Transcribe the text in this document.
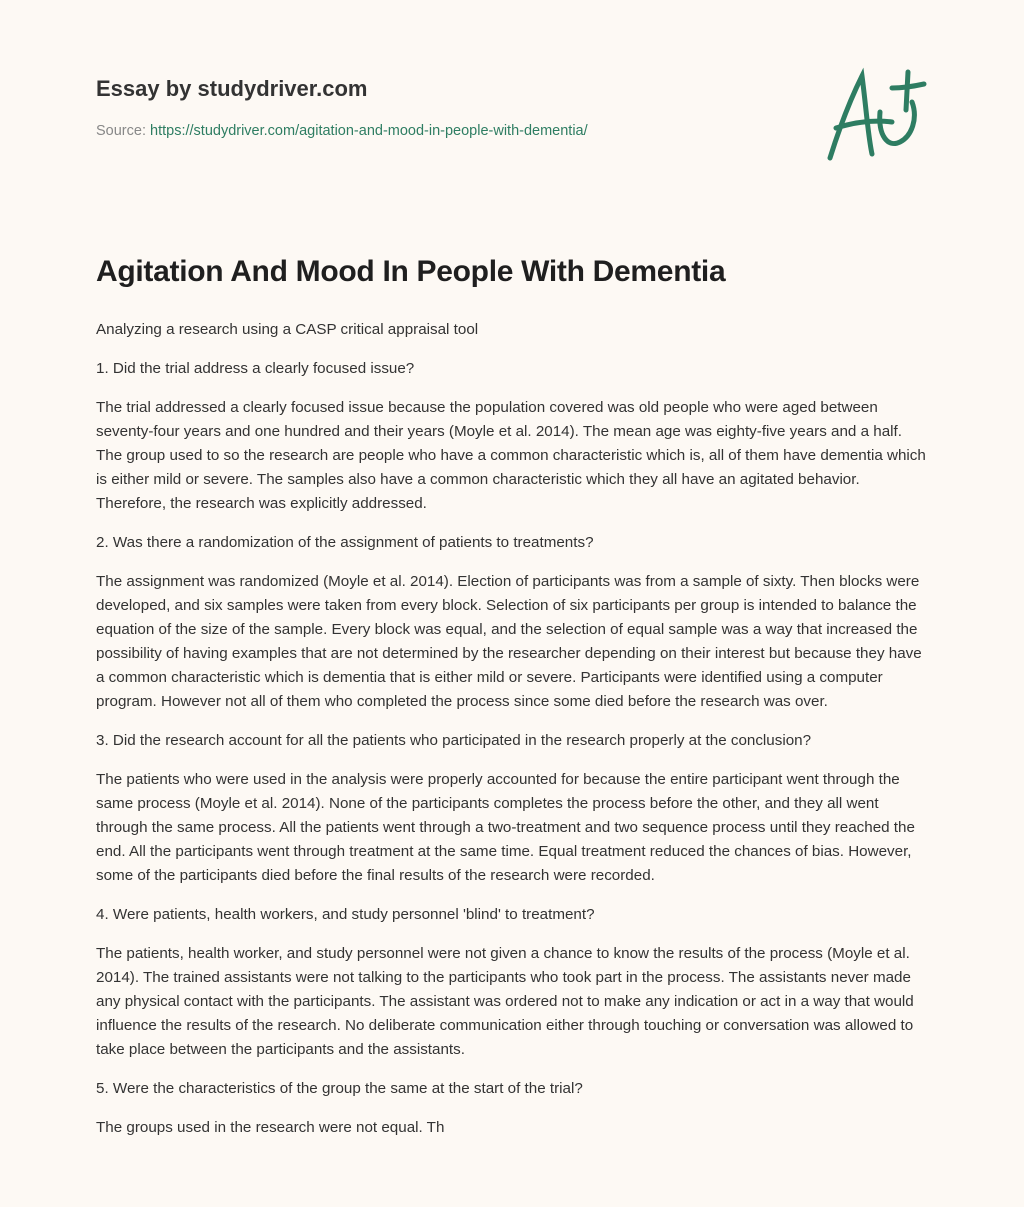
Essay by studydriver.com
Source: https://studydriver.com/agitation-and-mood-in-people-with-dementia/
Agitation And Mood In People With Dementia

Analyzing a research using a CASP critical appraisal tool

1. Did the trial address a clearly focused issue?

The trial addressed a clearly focused issue because the population covered was old people who were aged between seventy-four years and one hundred and their years (Moyle et al. 2014). The mean age was eighty-five years and a half. The group used to so the research are people who have a common characteristic which is, all of them have dementia which is either mild or severe. The samples also have a common characteristic which they all have an agitated behavior. Therefore, the research was explicitly addressed.

2. Was there a randomization of the assignment of patients to treatments?

The assignment was randomized (Moyle et al. 2014). Election of participants was from a sample of sixty. Then blocks were developed, and six samples were taken from every block. Selection of six participants per group is intended to balance the equation of the size of the sample. Every block was equal, and the selection of equal sample was a way that increased the possibility of having examples that are not determined by the researcher depending on their interest but because they have a common characteristic which is dementia that is either mild or severe. Participants were identified using a computer program. However not all of them who completed the process since some died before the research was over.

3. Did the research account for all the patients who participated in the research properly at the conclusion?

The patients who were used in the analysis were properly accounted for because the entire participant went through the same process (Moyle et al. 2014). None of the participants completes the process before the other, and they all went through the same process. All the patients went through a two-treatment and two sequence process until they reached the end. All the participants went through treatment at the same time. Equal treatment reduced the chances of bias. However, some of the participants died before the final results of the research were recorded.

4. Were patients, health workers, and study personnel 'blind' to treatment?

The patients, health worker, and study personnel were not given a chance to know the results of the process (Moyle et al. 2014). The trained assistants were not talking to the participants who took part in the process. The assistants never made any physical contact with the participants. The assistant was ordered not to make any indication or act in a way that would influence the results of the research. No deliberate communication either through touching or conversation was allowed to take place between the participants and the assistants.

5. Were the characteristics of the group the same at the start of the trial?

The groups used in the research were not equal. Th
